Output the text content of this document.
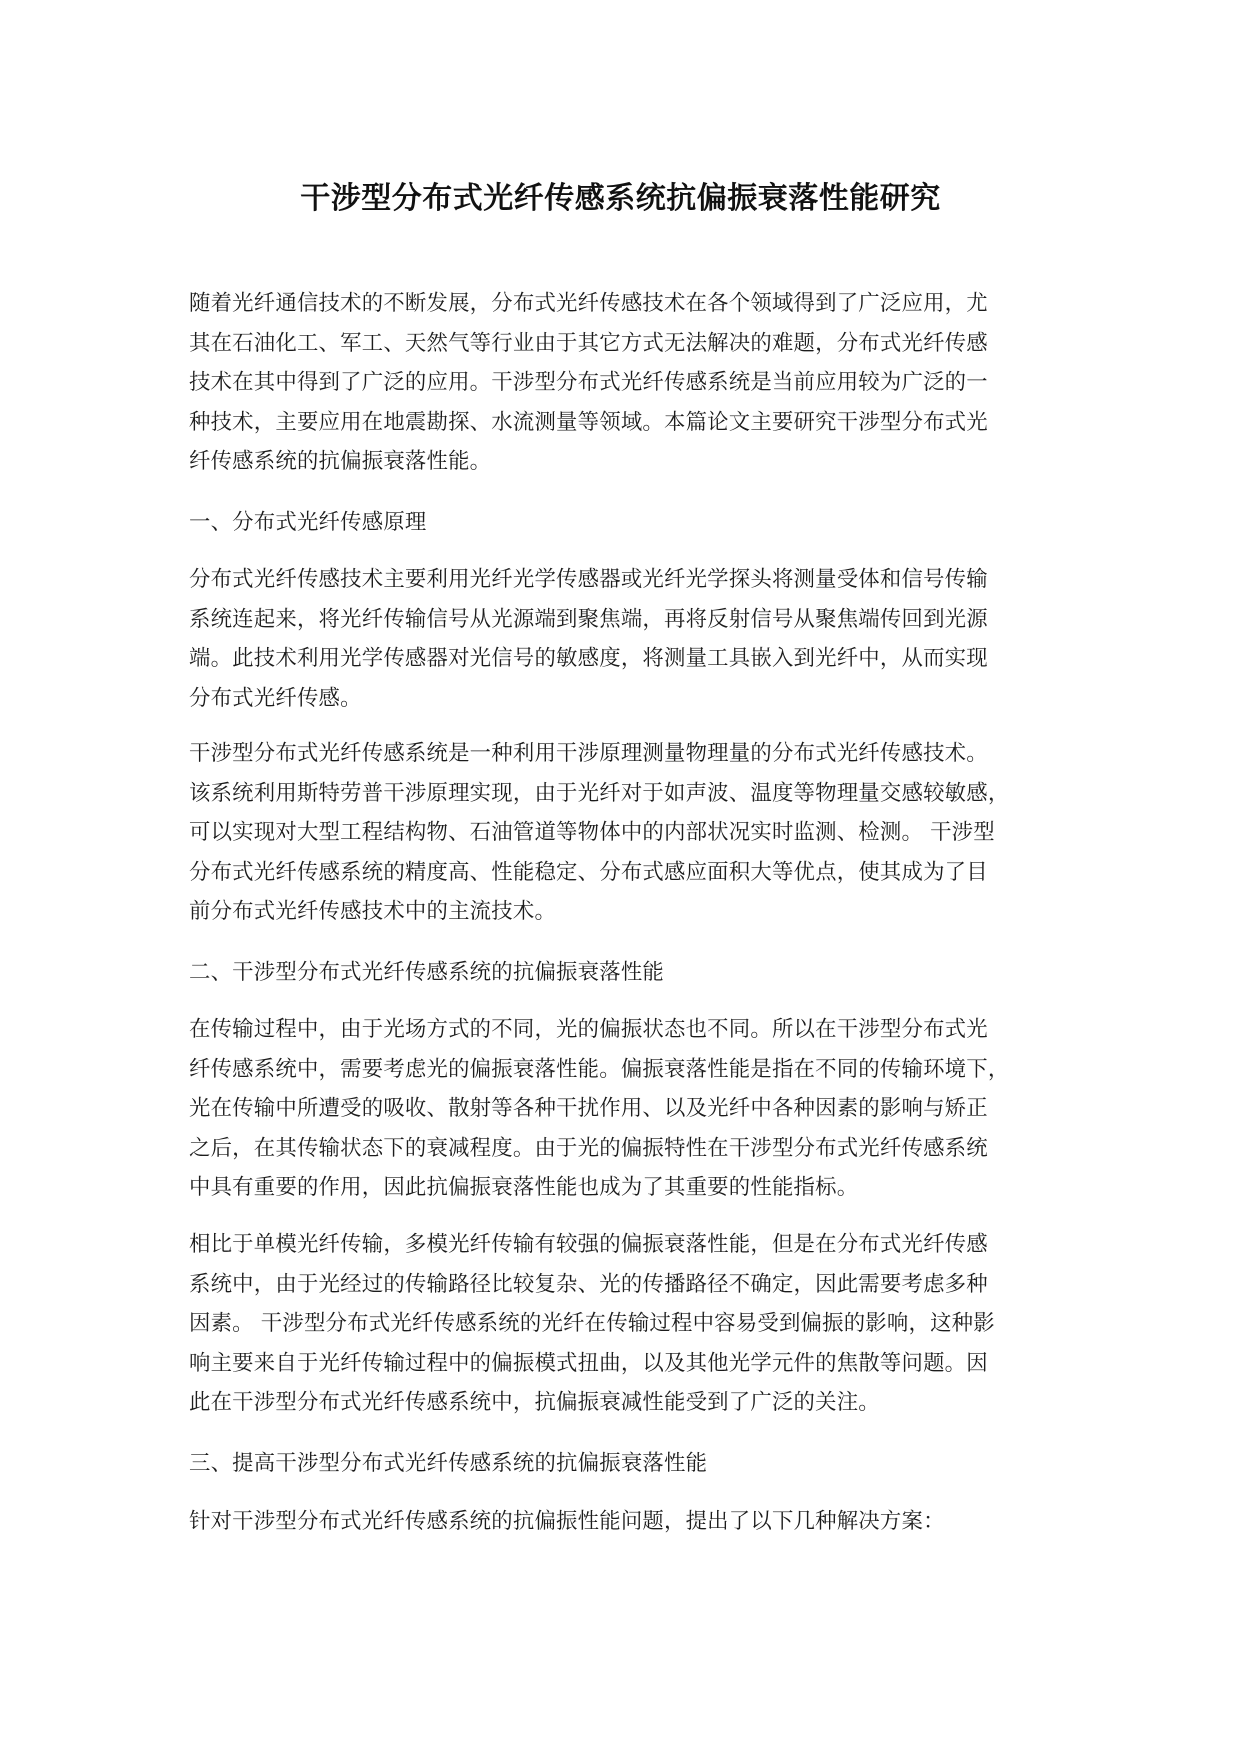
干涉型分布式光纤传感系统抗偏振衰落性能研究
随着光纤通信技术的不断发展，分布式光纤传感技术在各个领域得到了广泛应用，尤
其在石油化工、军工、天然气等行业由于其它方式无法解决的难题，分布式光纤传感
技术在其中得到了广泛的应用。干涉型分布式光纤传感系统是当前应用较为广泛的一
种技术，主要应用在地震勘探、水流测量等领域。本篇论文主要研究干涉型分布式光
纤传感系统的抗偏振衰落性能。
一、分布式光纤传感原理
分布式光纤传感技术主要利用光纤光学传感器或光纤光学探头将测量受体和信号传输
系统连起来，将光纤传输信号从光源端到聚焦端，再将反射信号从聚焦端传回到光源
端。此技术利用光学传感器对光信号的敏感度，将测量工具嵌入到光纤中，从而实现
分布式光纤传感。
干涉型分布式光纤传感系统是一种利用干涉原理测量物理量的分布式光纤传感技术。
该系统利用斯特劳普干涉原理实现，由于光纤对于如声波、温度等物理量交感较敏感，
可以实现对大型工程结构物、石油管道等物体中的内部状况实时监测、检测。 干涉型
分布式光纤传感系统的精度高、性能稳定、分布式感应面积大等优点，使其成为了目
前分布式光纤传感技术中的主流技术。
二、干涉型分布式光纤传感系统的抗偏振衰落性能
在传输过程中，由于光场方式的不同，光的偏振状态也不同。所以在干涉型分布式光
纤传感系统中，需要考虑光的偏振衰落性能。偏振衰落性能是指在不同的传输环境下，
光在传输中所遭受的吸收、散射等各种干扰作用、以及光纤中各种因素的影响与矫正
之后，在其传输状态下的衰减程度。由于光的偏振特性在干涉型分布式光纤传感系统
中具有重要的作用，因此抗偏振衰落性能也成为了其重要的性能指标。
相比于单模光纤传输，多模光纤传输有较强的偏振衰落性能，但是在分布式光纤传感
系统中，由于光经过的传输路径比较复杂、光的传播路径不确定，因此需要考虑多种
因素。 干涉型分布式光纤传感系统的光纤在传输过程中容易受到偏振的影响，这种影
响主要来自于光纤传输过程中的偏振模式扭曲，以及其他光学元件的焦散等问题。因
此在干涉型分布式光纤传感系统中，抗偏振衰减性能受到了广泛的关注。
三、提高干涉型分布式光纤传感系统的抗偏振衰落性能
针对干涉型分布式光纤传感系统的抗偏振性能问题，提出了以下几种解决方案：
